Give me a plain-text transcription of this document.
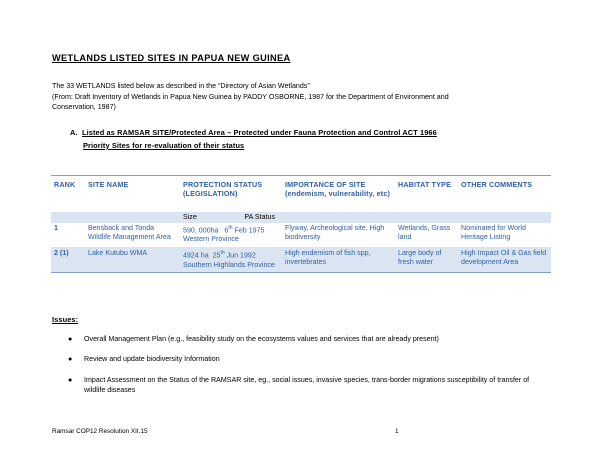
WETLANDS LISTED SITES IN PAPUA NEW GUINEA
The 33 WETLANDS listed below as described in the “Directory of Asian Wetlands”
(From: Draft Inventory of Wetlands in Papua New Guinea by PADDY OSBORNE, 1987 for the Department of Environment and
Conservation, 1987)
A. Listed as RAMSAR SITE/Protected Area – Protected under Fauna Protection and Control ACT 1966
Priority Sites for re-evaluation of their status
RANK	SITE NAME	PROTECTION STATUS (LEGISLATION)	IMPORTANCE OF SITE (endemism, vulnerability, etc)	HABITAT TYPE	OTHER COMMENTS

		Size PA Status			

1	Bensback and Tonda Wildlife Management Area	590, 000ha   6th Feb 1975 Western Province	Flyway, Archeological site, High biodiversity	Wetlands, Grass land	Nominated for World Heritage Listing
2 (1)	Lake Kutubu WMA	4924 ha  25th Jun 1992 Southern Highlands Province	High endemism of fish spp, invertebrates	Large body of fresh water	High Impact Oil & Gas field development Area
Issues:
● Overall Management Plan (e.g., feasibility study on the ecosystems values and services that are already present)
● Review and update biodiversity Information
● Impact Assessment on the Status of the RAMSAR site, eg., social issues, invasive species, trans-border migrations susceptibility of transfer of wildlife diseases
Ramsar COP12 Resolution XII.15	1
